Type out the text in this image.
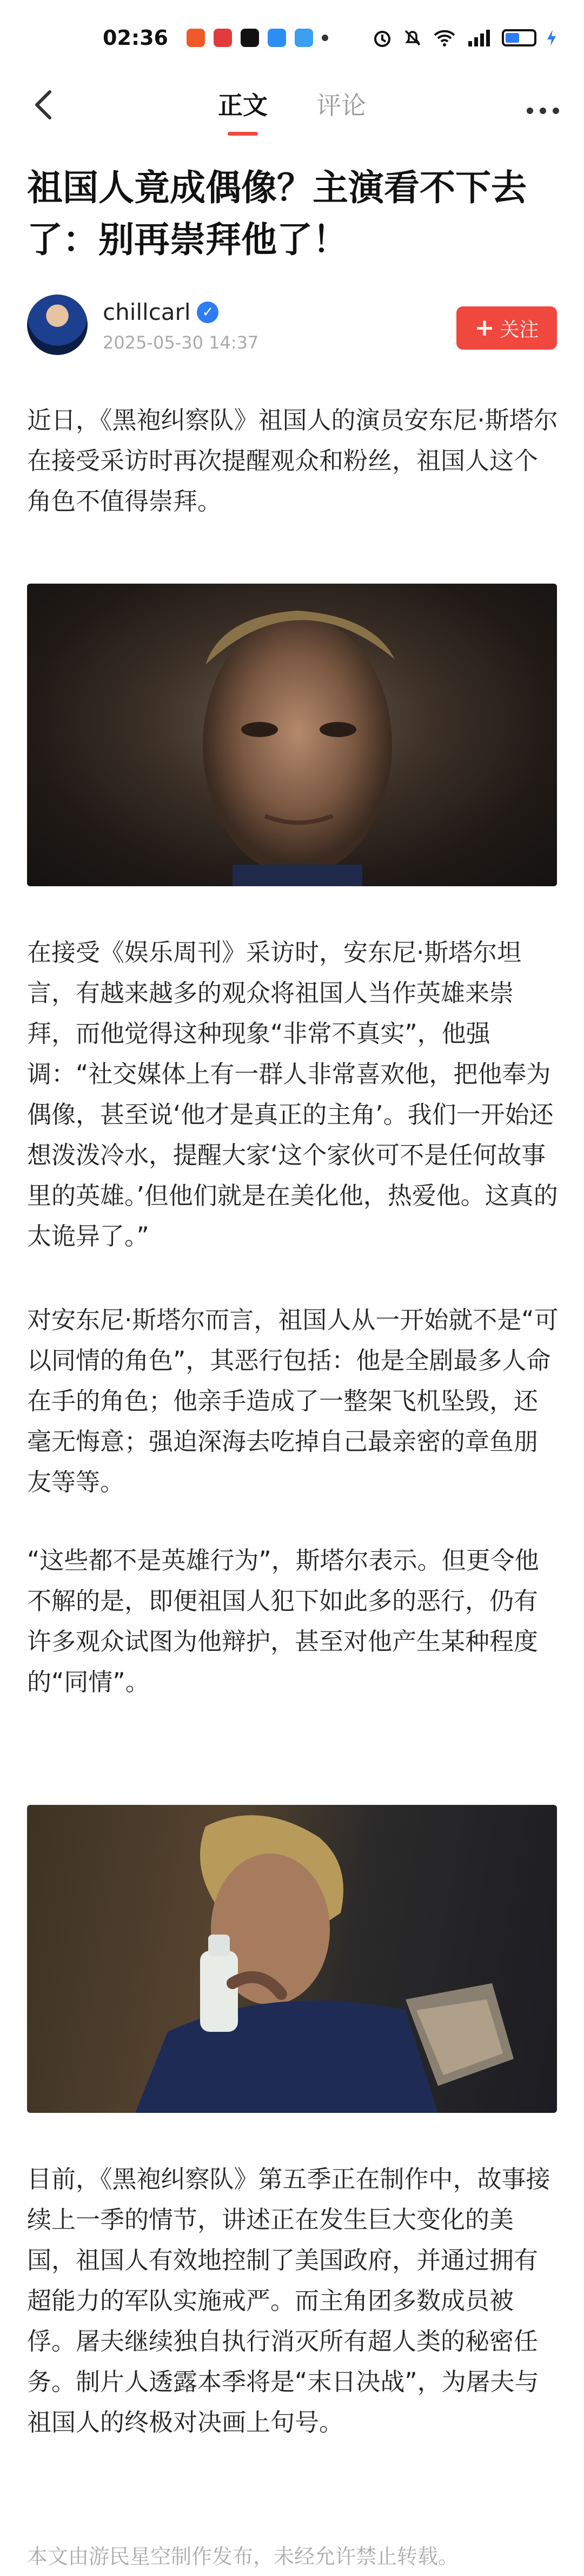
02:36
正文 评论
祖国人竟成偶像？主演看不下去了：别再崇拜他了！
chillcarl ✓
2025-05-30 14:37
+ 关注

近日，《黑袍纠察队》祖国人的演员安东尼·斯塔尔在接受采访时再次提醒观众和粉丝，祖国人这个角色不值得崇拜。

在接受《娱乐周刊》采访时，安东尼·斯塔尔坦言，有越来越多的观众将祖国人当作英雄来崇拜，而他觉得这种现象“非常不真实”，他强调：“社交媒体上有一群人非常喜欢他，把他奉为偶像，甚至说‘他才是真正的主角’。我们一开始还想泼泼冷水，提醒大家‘这个家伙可不是任何故事里的英雄。’但他们就是在美化他，热爱他。这真的太诡异了。”

对安东尼·斯塔尔而言，祖国人从一开始就不是“可以同情的角色”，其恶行包括：他是全剧最多人命在手的角色；他亲手造成了一整架飞机坠毁，还毫无悔意；强迫深海去吃掉自己最亲密的章鱼朋友等等。

“这些都不是英雄行为”，斯塔尔表示。但更令他不解的是，即便祖国人犯下如此多的恶行，仍有许多观众试图为他辩护，甚至对他产生某种程度的“同情”。

目前，《黑袍纠察队》第五季正在制作中，故事接续上一季的情节，讲述正在发生巨大变化的美国，祖国人有效地控制了美国政府，并通过拥有超能力的军队实施戒严。而主角团多数成员被俘。屠夫继续独自执行消灭所有超人类的秘密任务。制片人透露本季将是“末日决战”，为屠夫与祖国人的终极对决画上句号。

本文由游民星空制作发布，未经允许禁止转载。
